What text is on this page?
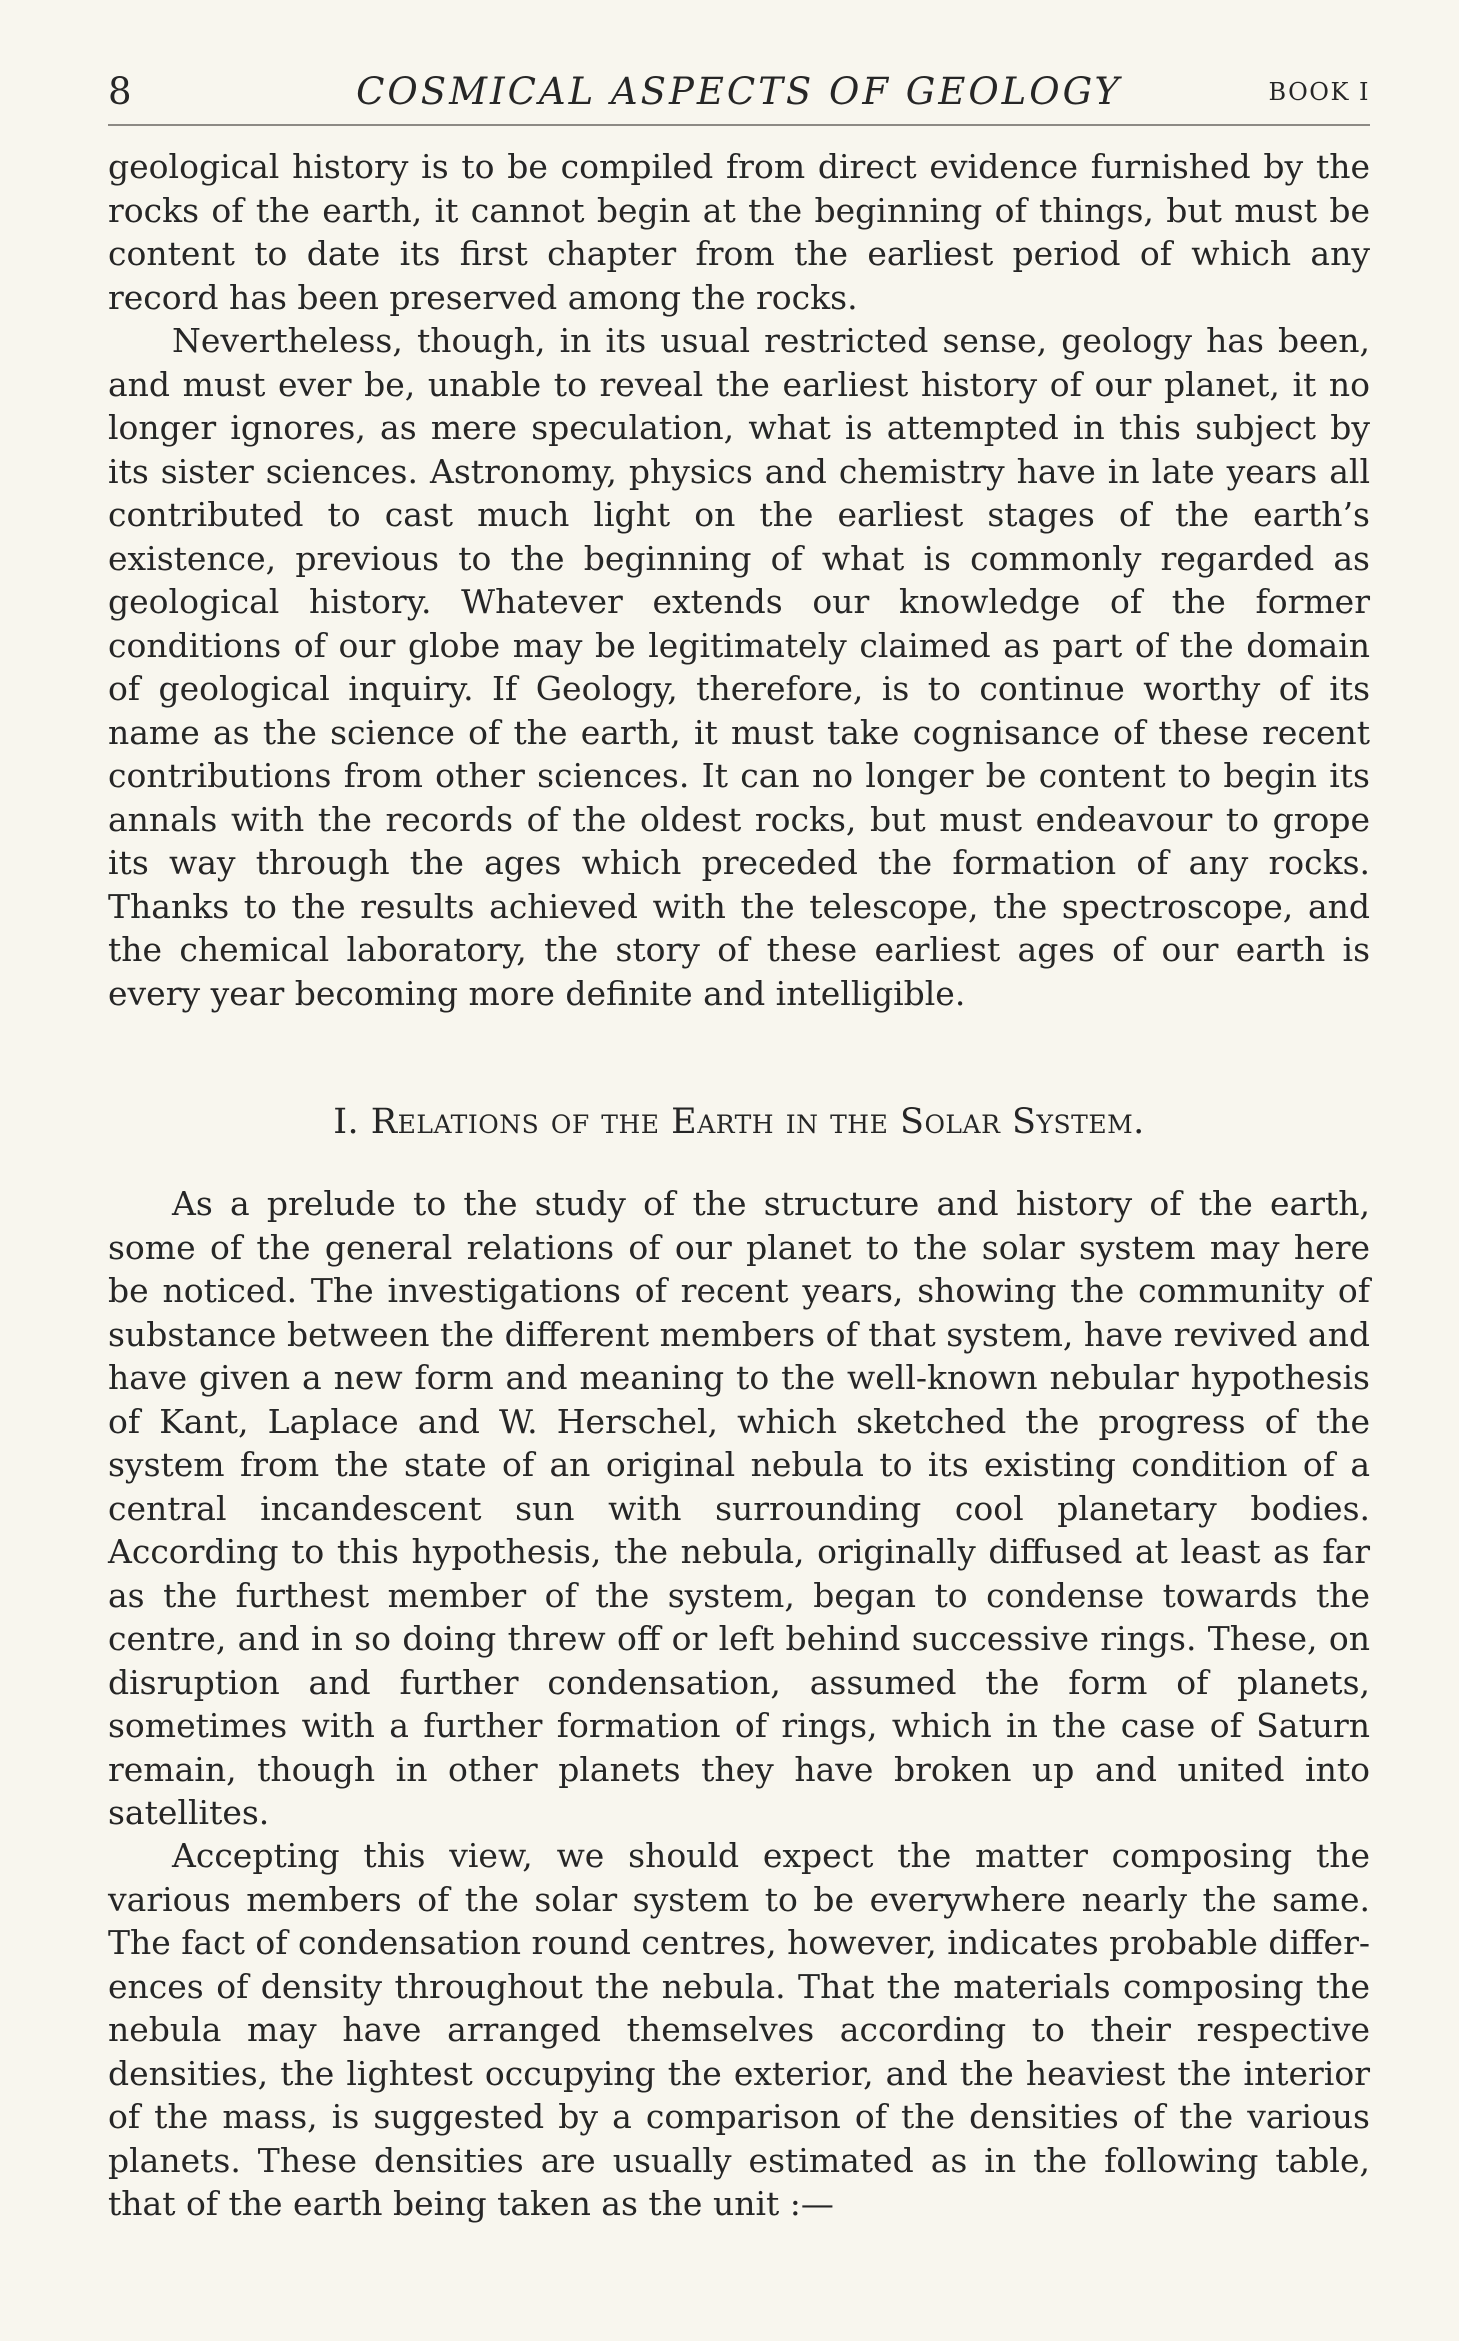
8	COSMICAL ASPECTS OF GEOLOGY	BOOK I

geological history is to be compiled from direct evidence furnished by the rocks of the earth, it cannot begin at the beginning of things, but must be content to date its first chapter from the earliest period of which any record has been preserved among the rocks.

Nevertheless, though, in its usual restricted sense, geology has been, and must ever be, unable to reveal the earliest history of our planet, it no longer ignores, as mere speculation, what is attempted in this subject by its sister sciences. Astronomy, physics and chemistry have in late years all contributed to cast much light on the earliest stages of the earth’s existence, previous to the beginning of what is commonly regarded as geological history. Whatever extends our knowledge of the former conditions of our globe may be legitimately claimed as part of the domain of geological inquiry. If Geology, therefore, is to continue worthy of its name as the science of the earth, it must take cognisance of these recent contributions from other sciences. It can no longer be content to begin its annals with the records of the oldest rocks, but must endeavour to grope its way through the ages which preceded the formation of any rocks. Thanks to the results achieved with the telescope, the spectroscope, and the chemical laboratory, the story of these earliest ages of our earth is every year becoming more definite and intelligible.

I. Relations of the Earth in the Solar System.

As a prelude to the study of the structure and history of the earth, some of the general relations of our planet to the solar system may here be noticed. The investigations of recent years, showing the community of substance between the different members of that system, have revived and have given a new form and meaning to the well-known nebular hypothesis of Kant, Laplace and W. Herschel, which sketched the progress of the system from the state of an original nebula to its existing condition of a central incandescent sun with surrounding cool planetary bodies. According to this hypothesis, the nebula, originally diffused at least as far as the furthest member of the system, began to condense towards the centre, and in so doing threw off or left behind successive rings. These, on disruption and further condensation, assumed the form of planets, sometimes with a further formation of rings, which in the case of Saturn remain, though in other planets they have broken up and united into satellites.

Accepting this view, we should expect the matter composing the various members of the solar system to be everywhere nearly the same. The fact of condensation round centres, however, indicates probable differences of density throughout the nebula. That the materials composing the nebula may have arranged themselves according to their respective densities, the lightest occupying the exterior, and the heaviest the interior of the mass, is suggested by a comparison of the densities of the various planets. These densities are usually estimated as in the following table, that of the earth being taken as the unit :—
